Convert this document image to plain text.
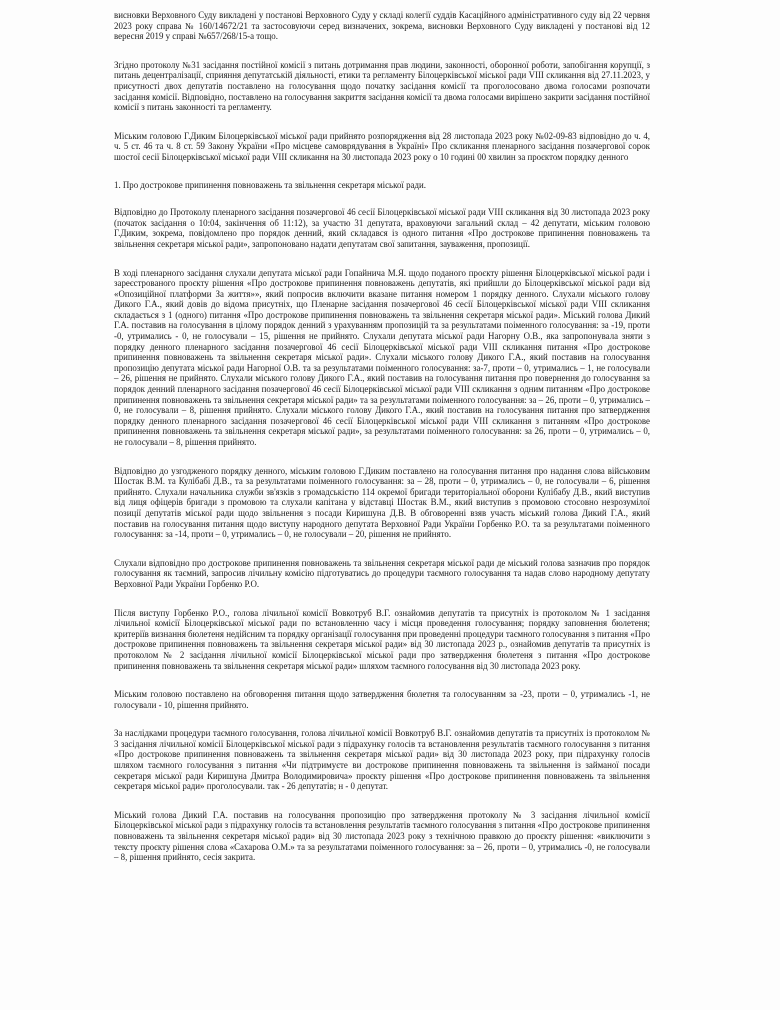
висновки Верховного Суду викладені у постанові Верховного Суду у складі колегії суддів Касаційного адміністративного суду від 22 червня 2023 року справа № 160/14672/21 та застосовуючи серед визначених, зокрема, висновки Верховного Суду викладені у постанові від 12 вересня 2019 у справі №657/268/15-а тощо.

Згідно протоколу №31 засідання постійної комісії з питань дотримання прав людини, законності, оборонної роботи, запобігання корупції, з питань децентралізації, сприяння депутатській діяльності, етики та регламенту Білоцерківської міської ради VIII скликання від 27.11.2023, у присутності двох депутатів поставлено на голосування щодо початку засідання комісії та проголосовано двома голосами розпочати засідання комісії. Відповідно, поставлено на голосування закриття засідання комісії та двома голосами вирішено закрити засідання постійної комісії з питань законності та регламенту.

Міським головою Г.Диким Білоцерківської міської ради прийнято розпорядження від 28 листопада 2023 року №02-09-83 відповідно до ч. 4, ч. 5 ст. 46 та ч. 8 ст. 59 Закону України «Про місцеве самоврядування в Україні» Про скликання пленарного засідання позачергової сорок шостої сесії Білоцерківської міської ради VIII скликання на 30 листопада 2023 року о 10 годині 00 хвилин за проєктом порядку денного

1. Про дострокове припинення повноважень та звільнення секретаря міської ради.

Відповідно до Протоколу пленарного засідання позачергової 46 сесії Білоцерківської міської ради VIII скликання від 30 листопада 2023 року (початок засідання о 10:04, закінчення об 11:12), за участю 31 депутата, враховуючи загальний склад – 42 депутати, міським головою Г.Диким, зокрема, повідомлено про порядок денний, який складався із одного питання «Про дострокове припинення повноважень та звільнення секретаря міської ради», запропоновано надати депутатам свої запитання, зауваження, пропозиції.

В ході пленарного засідання слухали депутата міської ради Гопайнича М.Я. щодо поданого проєкту рішення Білоцерківської міської ради і зареєстрованого проєкту рішення «Про дострокове припинення повноважень депутатів, які прийшли до Білоцерківської міської ради від «Опозиційної платформи За життя»», який попросив включити вказане питання номером 1 порядку денного. Слухали міського голову Дикого Г.А., який довів до відома присутніх, що Пленарне засідання позачергової 46 сесії Білоцерківської міської ради VIII скликання складається з 1 (одного) питання «Про дострокове припинення повноважень та звільнення секретаря міської ради». Міський голова Дикий Г.А. поставив на голосування в цілому порядок денний з урахуванням пропозицій та за результатами поіменного голосування: за -19, проти -0, утримались - 0, не голосували – 15, рішення не прийнято. Слухали депутата міської ради Нагорну О.В., яка запропонувала зняти з порядку денного пленарного засідання позачергової 46 сесії Білоцерківської міської ради VIII скликання питання «Про дострокове припинення повноважень та звільнення секретаря міської ради». Слухали міського голову Дикого Г.А., який поставив на голосування пропозицію депутата міської ради Нагорної О.В. та за результатами поіменного голосування: за-7, проти – 0, утримались – 1, не голосували – 26, рішення не прийнято. Слухали міського голову Дикого Г.А., який поставив на голосування питання про повернення до голосування за порядок денний пленарного засідання позачергової 46 сесії Білоцерківської міської ради VIII скликання з одним питанням «Про дострокове припинення повноважень та звільнення секретаря міської ради» та за результатами поіменного голосування: за – 26, проти – 0, утримались – 0, не голосували – 8, рішення прийнято. Слухали міського голову Дикого Г.А., який поставив на голосування питання про затвердження порядку денного пленарного засідання позачергової 46 сесії Білоцерківської міської ради VIII скликання з питанням «Про дострокове припинення повноважень та звільнення секретаря міської ради», за результатами поіменного голосування: за 26, проти – 0, утримались – 0, не голосували – 8, рішення прийнято.

Відповідно до узгодженого порядку денного, міським головою Г.Диким поставлено на голосування питання про надання слова військовим Шостак В.М. та Кулібабі Д.В., та за результатами поіменного голосування: за – 28, проти – 0, утримались – 0, не голосували – 6, рішення прийнято. Слухали начальника служби зв'язків з громадськістю 114 окремої бригади територіальної оборони Кулібабу Д.В., який виступив від лиця офіцерів бригади з промовою та слухали капітана у відставці Шостак В.М., який виступив з промовою стосовно незрозумілої позиції депутатів міської ради щодо звільнення з посади Киришуна Д.В. В обговоренні взяв участь міський голова Дикий Г.А., який поставив на голосування питання щодо виступу народного депутата Верховної Ради України Горбенко Р.О. та за результатами поіменного голосування: за -14, проти – 0, утримались – 0, не голосували – 20, рішення не прийнято.

Слухали відповідно про дострокове припинення повноважень та звільнення секретаря міської ради де міський голова зазначив про порядок голосування як таємний, запросив лічильну комісію підготуватись до процедури таємного голосування та надав слово народному депутату Верховної Ради України Горбенко Р.О.

Після виступу Горбенко Р.О., голова лічильної комісії Вовкотруб В.Г. ознайомив депутатів та присутніх із протоколом № 1 засідання лічильної комісії Білоцерківської міської ради по встановленню часу і місця проведення голосування; порядку заповнення бюлетеня; критеріїв визнання бюлетеня недійсним та порядку організації голосування при проведенні процедури таємного голосування з питання «Про дострокове припинення повноважень та звільнення секретаря міської ради» від 30 листопада 2023 р., ознайомив депутатів та присутніх із протоколом № 2 засідання лічильної комісії Білоцерківської міської ради про затвердження бюлетеня з питання «Про дострокове припинення повноважень та звільнення секретаря міської ради» шляхом таємного голосування від 30 листопада 2023 року.

Міським головою поставлено на обговорення питання щодо затвердження бюлетня та голосуванням за -23, проти – 0, утримались -1, не голосували - 10, рішення прийнято.

За наслідками процедури таємного голосування, голова лічильної комісії Вовкотруб В.Г. ознайомив депутатів та присутніх із протоколом № 3 засідання лічильної комісії Білоцерківської міської ради з підрахунку голосів та встановлення результатів таємного голосування з питання «Про дострокове припинення повноважень та звільнення секретаря міської ради» від 30 листопада 2023 року, при підрахунку голосів шляхом таємного голосування з питання «Чи підтримуєте ви дострокове припинення повноважень та звільнення із займаної посади секретаря міської ради Киришуна Дмитра Володимировича» проєкту рішення «Про дострокове припинення повноважень та звільнення секретаря міської ради» проголосували. так - 26 депутатів; н - 0 депутат.

Міський голова Дикий Г.А. поставив на голосування пропозицію про затвердження протоколу № 3 засідання лічильної комісії Білоцерківської міської ради з підрахунку голосів та встановлення результатів таємного голосування з питання «Про дострокове припинення повноважень та звільнення секретаря міської ради» від 30 листопада 2023 року з технічною правкою до проєкту рішення: «виключити з тексту проєкту рішення слова «Сахарова О.М.» та за результатами поіменного голосування: за – 26, проти – 0, утримались -0, не голосували – 8, рішення прийнято, сесія закрита.
